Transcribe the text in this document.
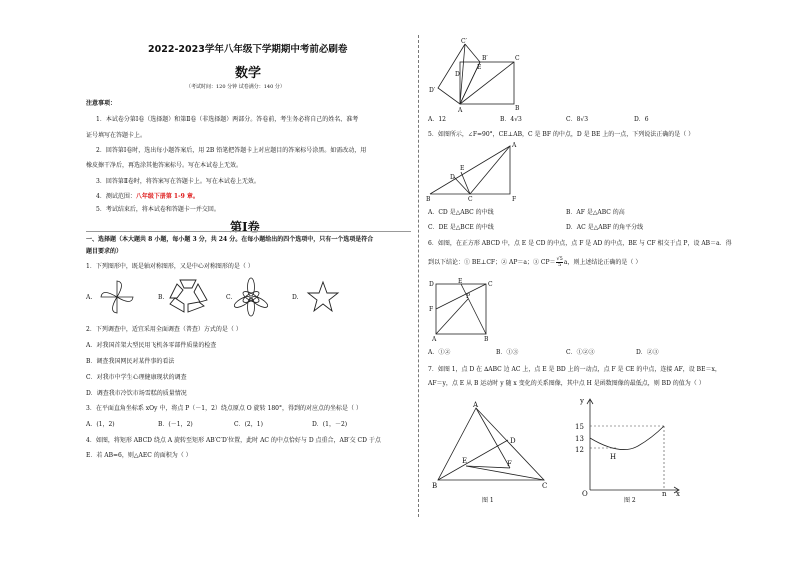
2022-2023学年八年级下学期期中考前必刷卷
数学
（考试时间：120 分钟 试卷满分：140 分）
注意事项：
1．本试卷分第Ⅰ卷（选择题）和第Ⅱ卷（非选择题）两部分。答卷前，考生务必将自己的姓名、准考
证号填写在答题卡上。
2．回答第Ⅰ卷时，选出每小题答案后，用 2B 铅笔把答题卡上对应题目的答案标号涂黑。如需改动，用
橡皮擦干净后，再选涂其他答案标号。写在本试卷上无效。
3．回答第Ⅱ卷时，将答案写在答题卡上。写在本试卷上无效。
4．测试范围：八年级下册第 1-9 章。
5．考试结束后，将本试卷和答题卡一并交回。
第Ⅰ卷
一、选择题（本大题共 8 小题，每小题 3 分，共 24 分。在每小题给出的四个选项中，只有一个选项是符合
题目要求的）
1．下列图形中，既是轴对称图形，又是中心对称图形的是（ ）
A.	B.	C.	D.
2．下列调查中，适宜采用全面调查（普查）方式的是（ ）
A．对我国首架大型民用飞机各零部件质量的检查
B．调查我国网民对某件事的看法
C．对我市中学生心理健康现状的调查
D．调查我市冷饮市场雪糕的质量情况
3．在平面直角坐标系 xOy 中，将点 P（－1，2）绕点原点 O 旋转 180°，得到的对应点的坐标是（ ）
A．(1，2)	B．(－1，2)	C．(2，1)	D．(1，－2)
4．如图，将矩形 ABCD 绕点 A 旋转至矩形 AB′C′D′位置，此时 AC 的中点恰好与 D 点重合，AB′交 CD 于点
E．若 AB=6，则△AEC 的面积为（ ）
C′
D
E
C
D′
A	B
B′
A．12	B．4√3	C．8√3	D．6
5．如图所示，∠F=90°，CE⊥AB，C 是 BF 的中点，D 是 BE 上的一点，下列说法正确的是（ ）
E
D
B	C	F
A
A．CD 是△ABC 的中线	B．AF 是△ABC 的高
C．DE 是△BCE 的中线	D．AC 是△ABF 的角平分线
6．如图，在正方形 ABCD 中，点 E 是 CD 的中点，点 F 是 AD 的中点，BE 与 CF 相交于点 P，设 AB＝a．得
到以下结论：① BE⊥CF；② AP＝a；③ $CP= \frac{√5}{5}$ a，则上述结论正确的是（ ）
D	E	C
P
F
A	B
A．①②	B．①③	C．①②③	D．②③
7．如图 1，点 D 在 ∆ABC 边 AC 上，点 E 是 BD 上的一动点，点 F 是 CE 的中点，连接 AF，设 BE＝x，
AF＝y，点 E 从 B 运动时 y 随 x 变化的关系图像，其中点 H 是函数图像的最低点，则 BD 的值为（ ）
A
D
E	F
B	C
图 1
y
15
13
12
H
O	n x
图 2
